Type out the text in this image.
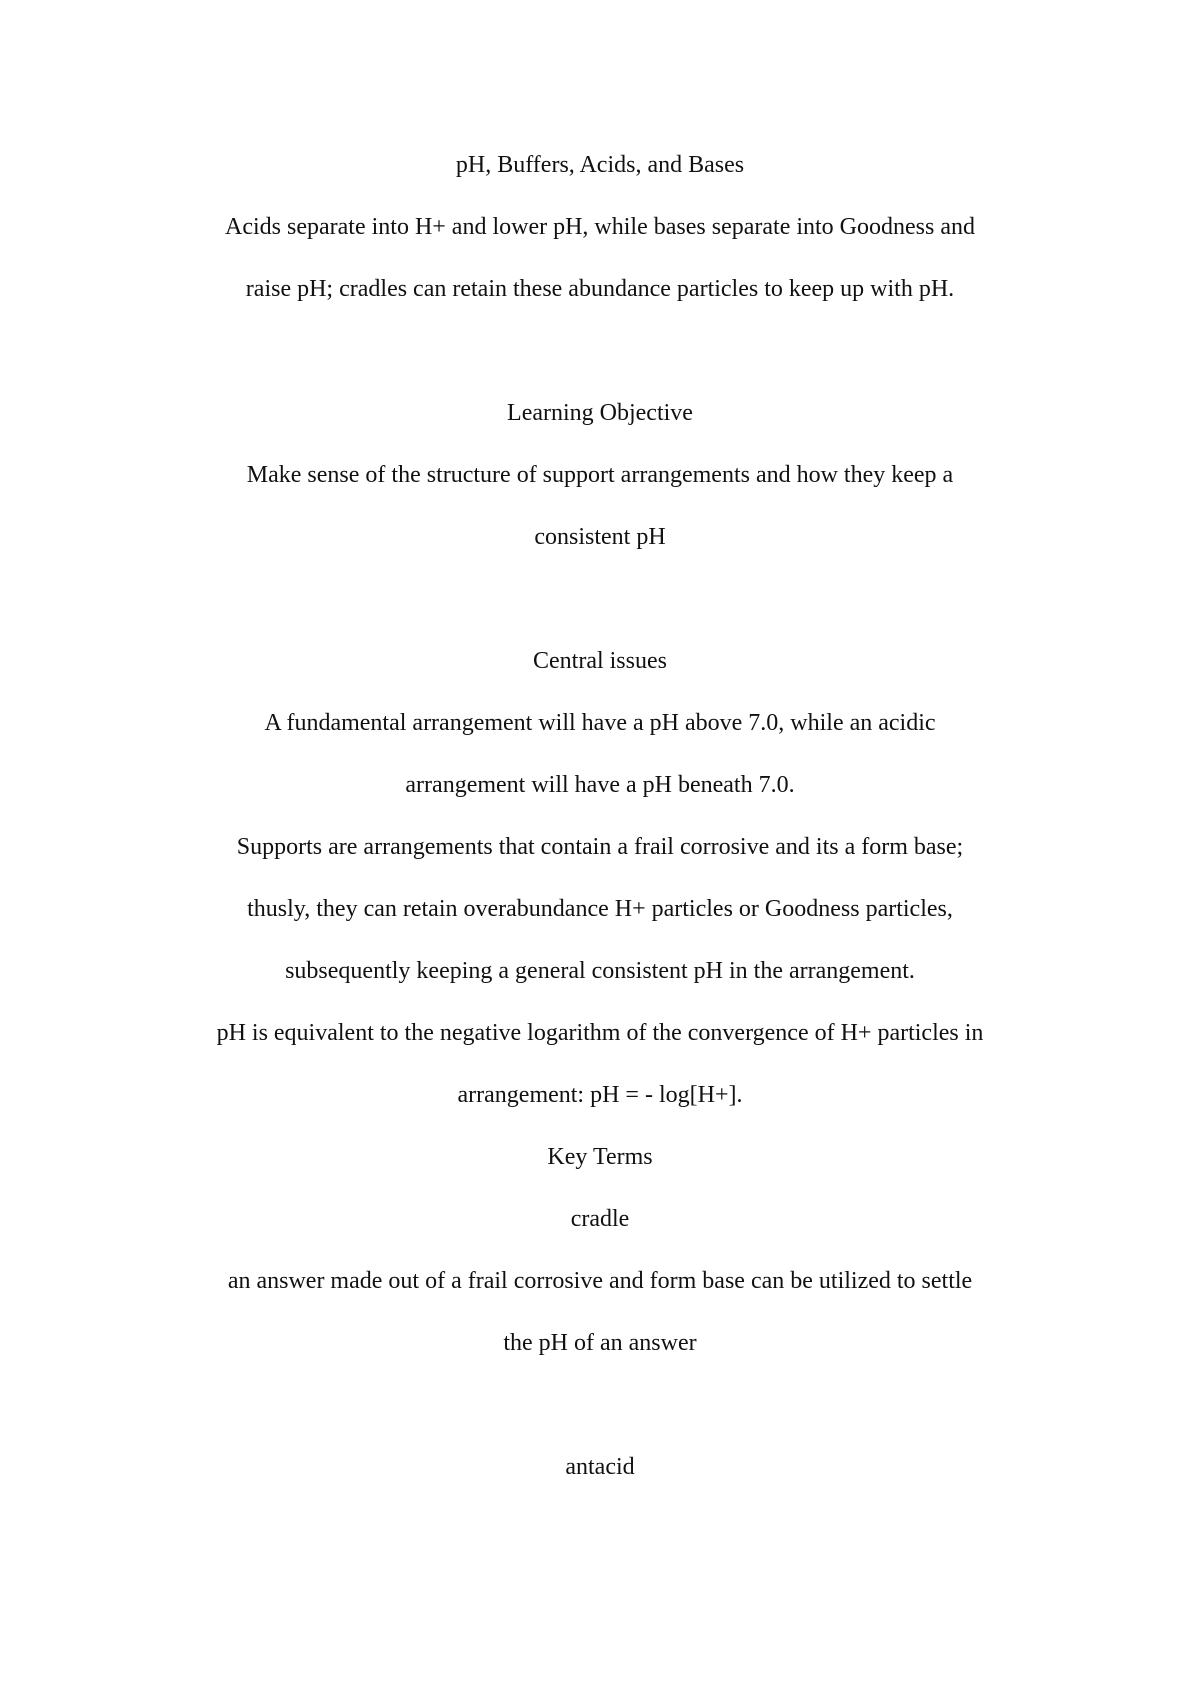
pH, Buffers, Acids, and Bases
Acids separate into H+ and lower pH, while bases separate into Goodness and
raise pH; cradles can retain these abundance particles to keep up with pH.
Learning Objective
Make sense of the structure of support arrangements and how they keep a
consistent pH
Central issues
A fundamental arrangement will have a pH above 7.0, while an acidic
arrangement will have a pH beneath 7.0.
Supports are arrangements that contain a frail corrosive and its a form base;
thusly, they can retain overabundance H+ particles or Goodness particles,
subsequently keeping a general consistent pH in the arrangement.
pH is equivalent to the negative logarithm of the convergence of H+ particles in
arrangement: pH = - log[H+].
Key Terms
cradle
an answer made out of a frail corrosive and form base can be utilized to settle
the pH of an answer
antacid
